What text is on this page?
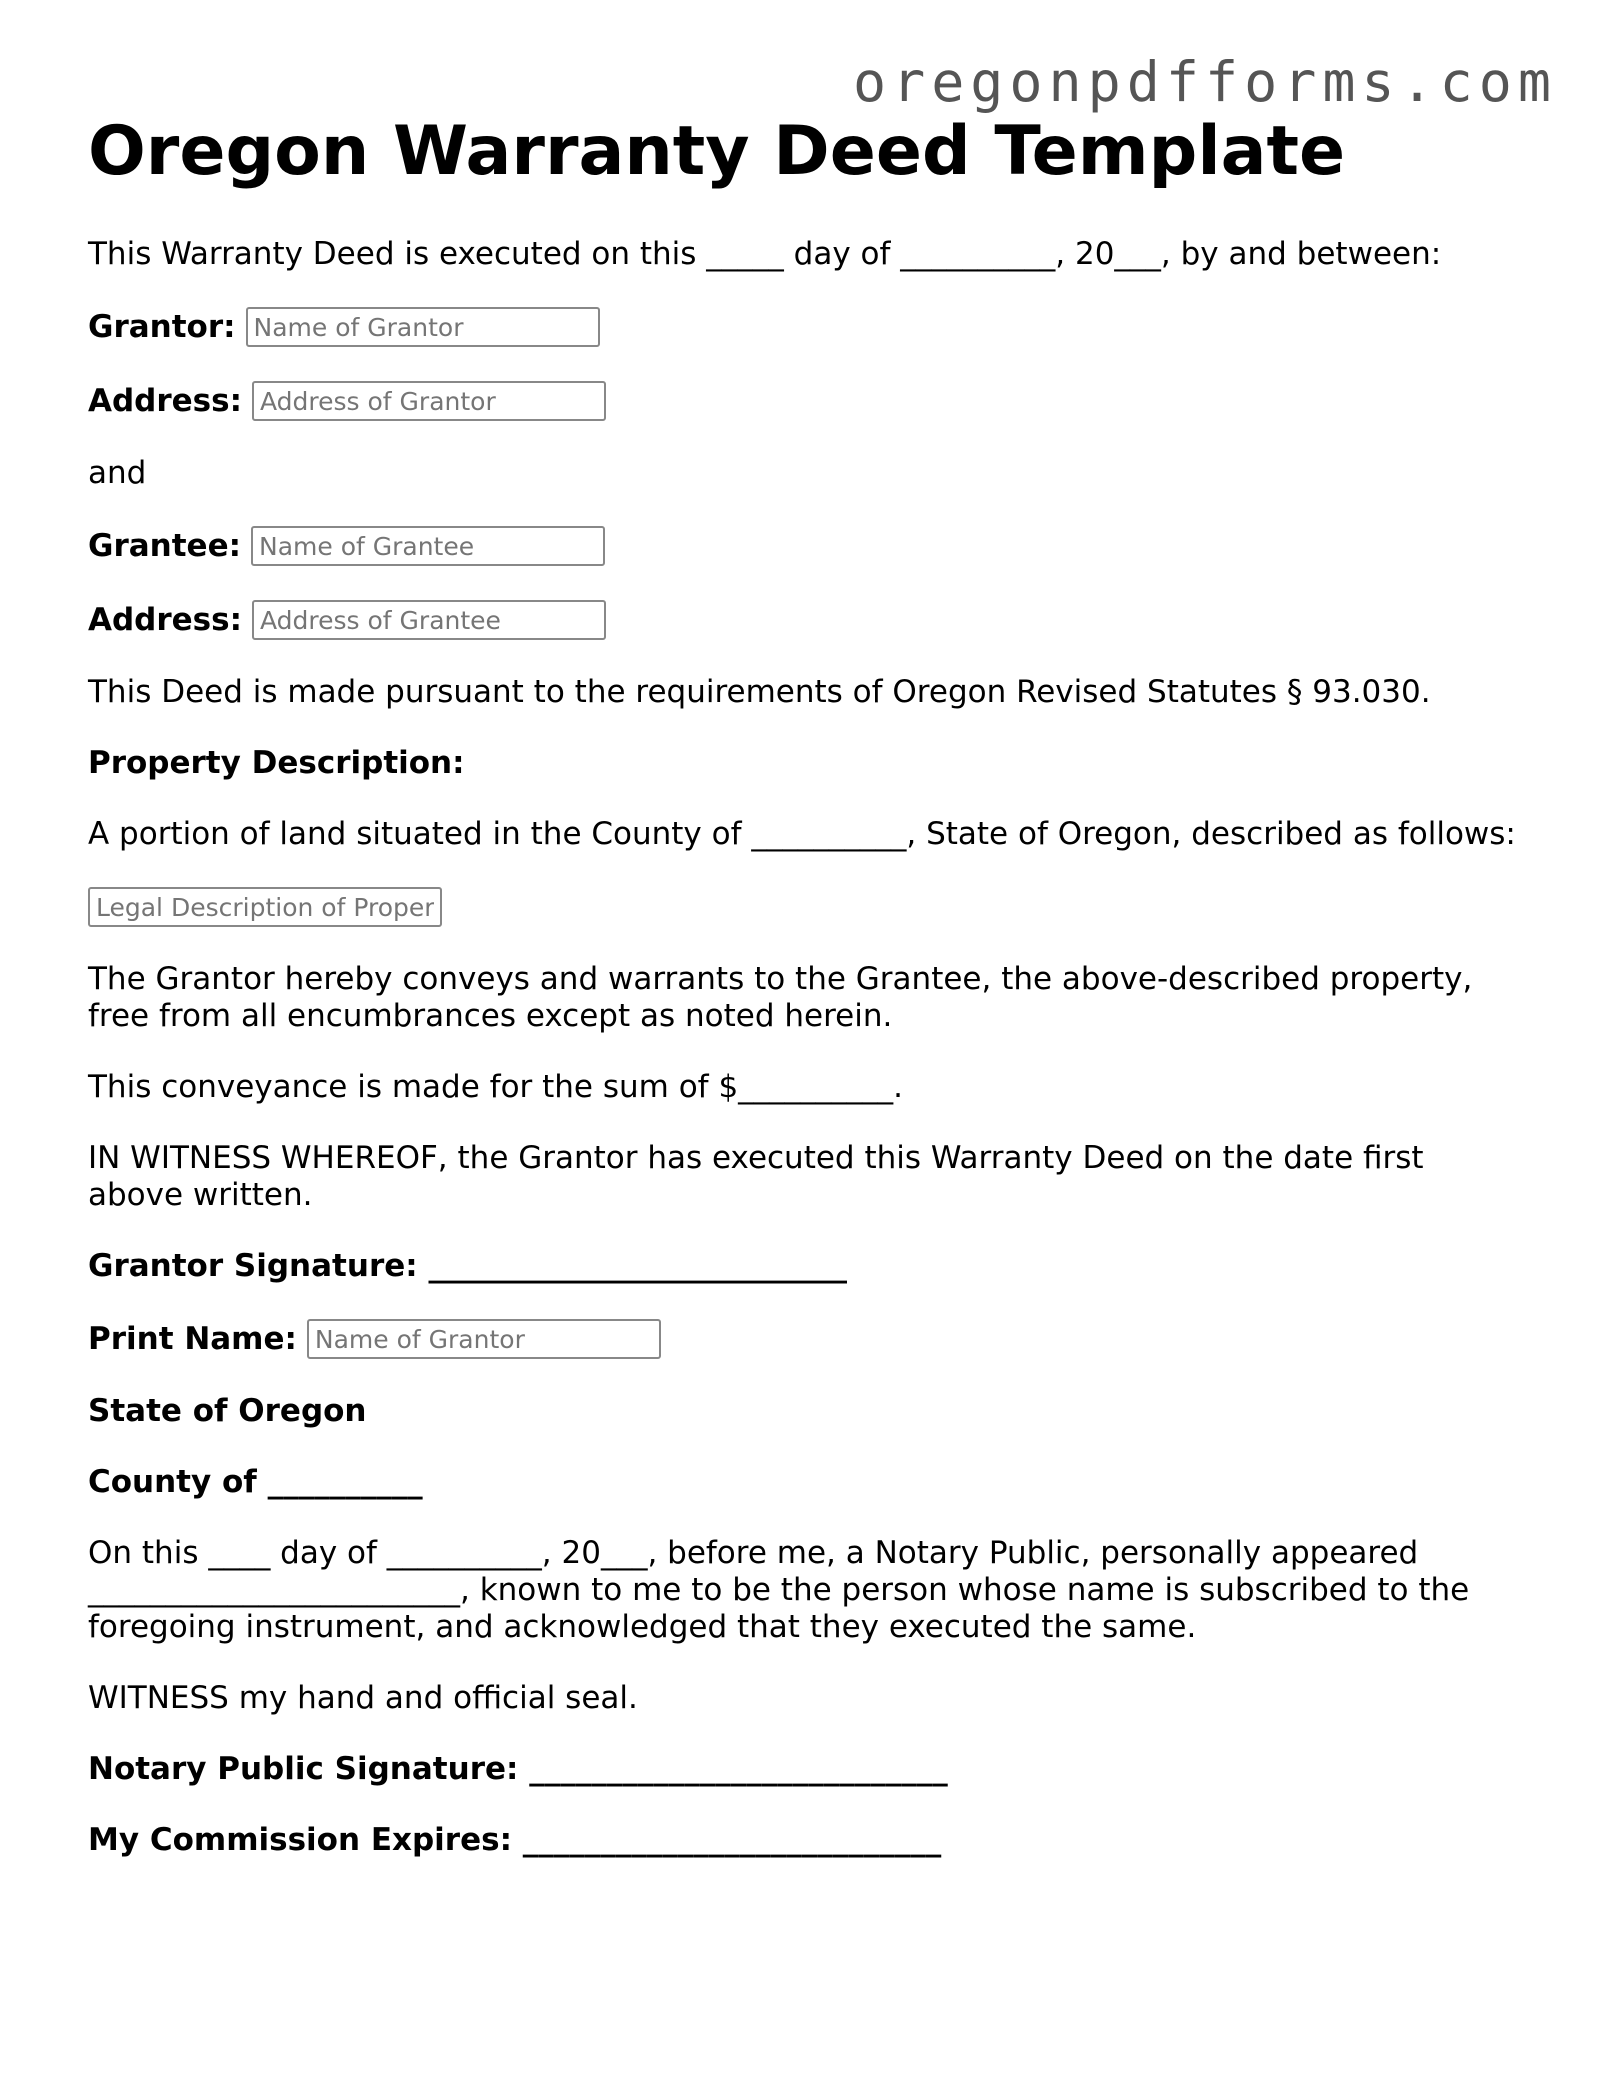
oregonpdfforms.com
Oregon Warranty Deed Template

This Warranty Deed is executed on this _____ day of __________, 20___, by and between:

Grantor:
Name of Grantor
Address:
Address of Grantor

and

Grantee:
Name of Grantee
Address:
Address of Grantee

This Deed is made pursuant to the requirements of Oregon Revised Statutes § 93.030.

Property Description:

A portion of land situated in the County of __________, State of Oregon, described as follows:

Legal Description of Property

The Grantor hereby conveys and warrants to the Grantee, the above-described property, free from all encumbrances except as noted herein.

This conveyance is made for the sum of $__________.

IN WITNESS WHEREOF, the Grantor has executed this Warranty Deed on the date first above written.

Grantor Signature: ___________________________

Print Name:
Name of Grantor

State of Oregon

County of __________

On this ____ day of __________, 20___, before me, a Notary Public, personally appeared ________________________, known to me to be the person whose name is subscribed to the foregoing instrument, and acknowledged that they executed the same.

WITNESS my hand and official seal.

Notary Public Signature: ___________________________

My Commission Expires: ___________________________
